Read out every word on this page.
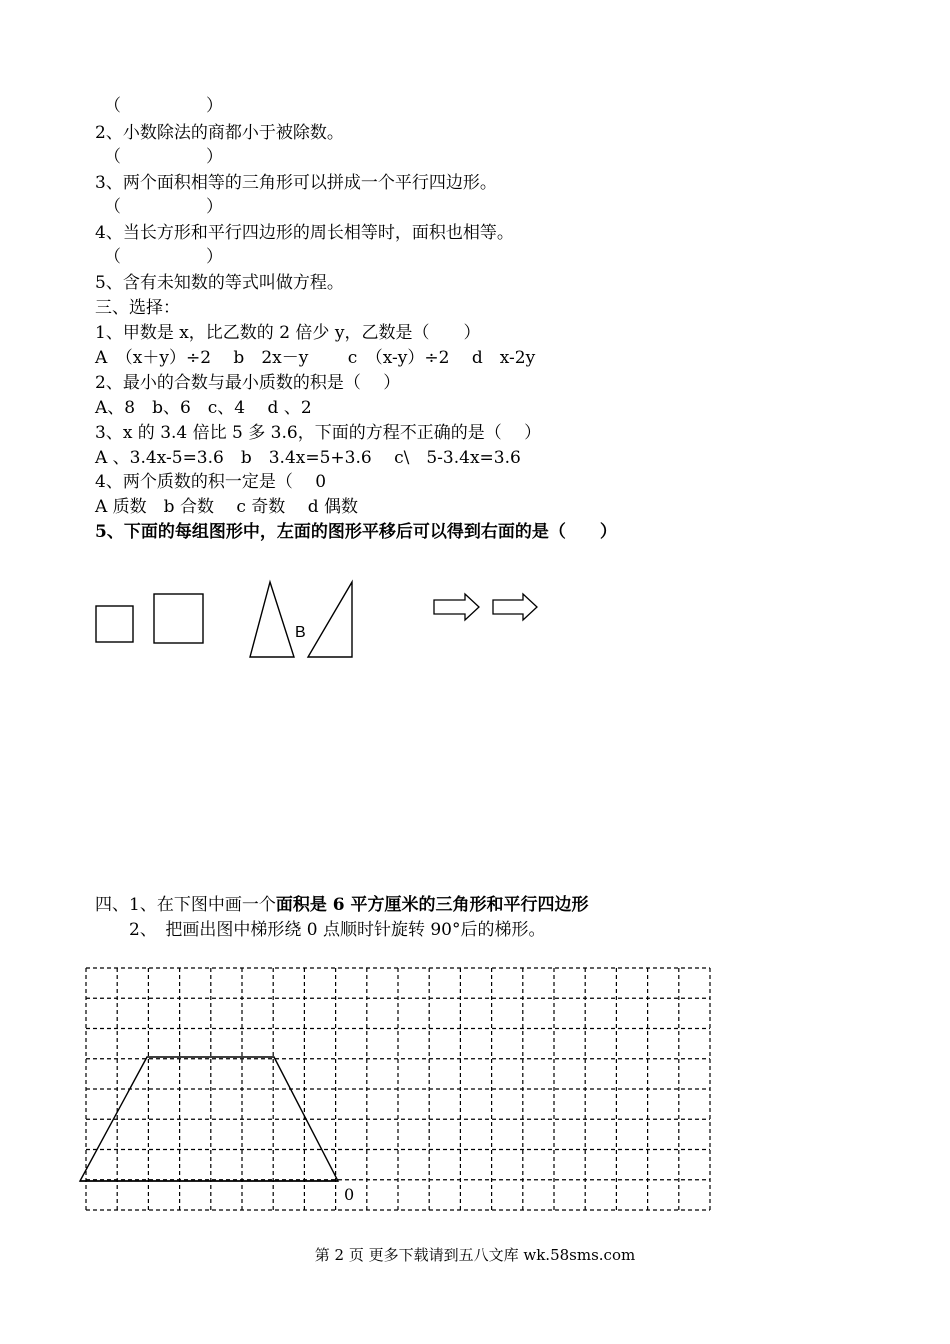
（　　　　　）
2、小数除法的商都小于被除数。
（　　　　　）
3、两个面积相等的三角形可以拼成一个平行四边形。
（　　　　　）
4、当长方形和平行四边形的周长相等时，面积也相等。
（　　　　　）
5、含有未知数的等式叫做方程。
三、选择：
1、甲数是 x，比乙数的 2 倍少 y，乙数是（　　）
A　（x＋y）÷2　 b　2x－y　　 c　（x-y）÷2　 d　x-2y
2、最小的合数与最小质数的积是（　 ）
A、8　b、6　c、4　 d 、2
3、x 的 3.4 倍比 5 多 3.6，下面的方程不正确的是（　 ）
A 、3.4x-5=3.6　b　3.4x=5+3.6　 c\　5-3.4x=3.6
4、两个质数的积一定是（　 0
A 质数　b 合数　 c 奇数　 d 偶数
5、下面的每组图形中，左面的图形平移后可以得到右面的是（　　）
B
四、1、在下图中画一个面积是 6 平方厘米的三角形和平行四边形
　　2、　把画出图中梯形绕 0 点顺时针旋转 90°后的梯形。
0
第 2 页 更多下载请到五八文库 wk.58sms.com
